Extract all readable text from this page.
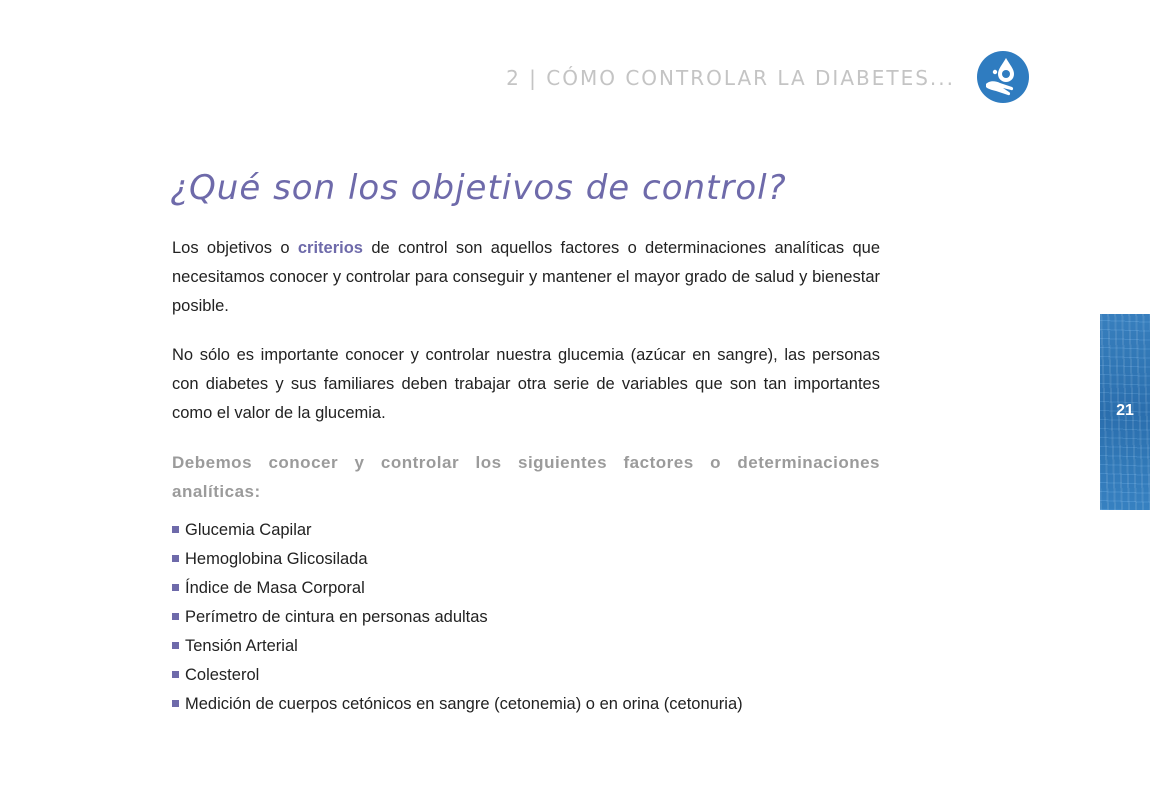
2 | CÓMO CONTROLAR LA DIABETES...
¿Qué son los objetivos de control?

Los objetivos o criterios de control son aquellos factores o determinaciones analíticas que necesitamos conocer y controlar para conseguir y mantener el mayor grado de salud y bienestar posible.

No sólo es importante conocer y controlar nuestra glucemia (azúcar en sangre), las personas con diabetes y sus familiares deben trabajar otra serie de variables que son tan importantes como el valor de la glucemia.

Debemos conocer y controlar los siguientes factores o determinaciones analíticas:

Glucemia Capilar
Hemoglobina Glicosilada
Índice de Masa Corporal
Perímetro de cintura en personas adultas
Tensión Arterial
Colesterol
Medición de cuerpos cetónicos en sangre (cetonemia) o en orina (cetonuria)
21
